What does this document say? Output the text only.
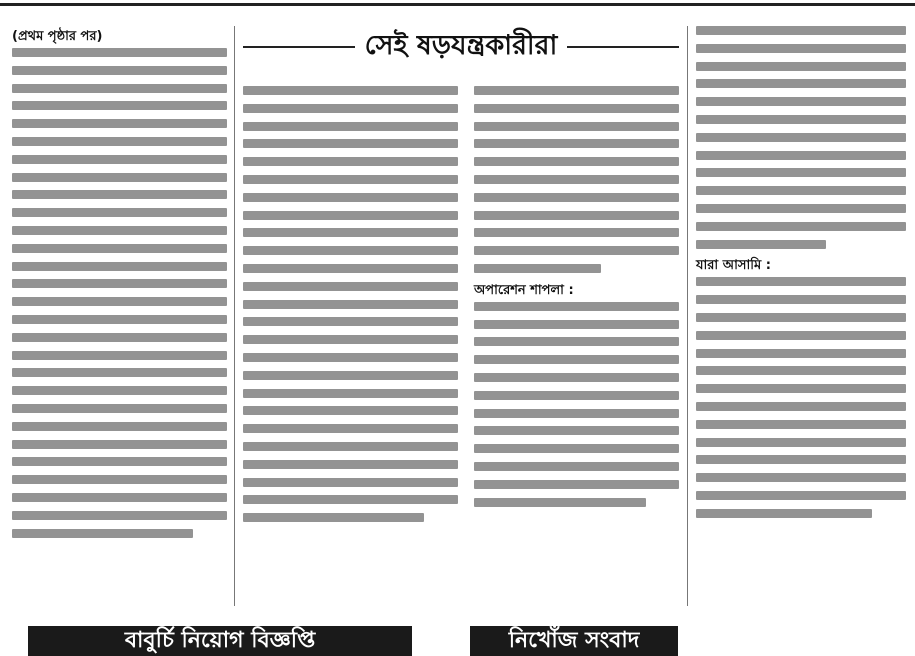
সেই ষড়যন্ত্রকারীরা
(প্রথম পৃষ্ঠার পর)
অপারেশন শাপলা :
যারা আসামি :
বাবুর্চি নিয়োগ বিজ্ঞপ্তি	নিখোঁজ সংবাদ
